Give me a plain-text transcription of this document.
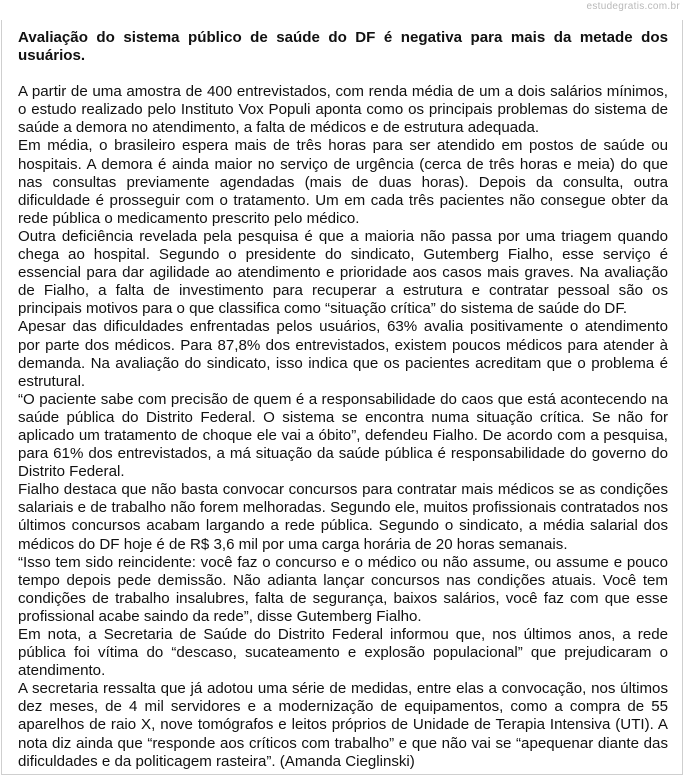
estudegratis.com.br

Avaliação do sistema público de saúde do DF é negativa para mais da metade dos usuários.

A partir de uma amostra de 400 entrevistados, com renda média de um a dois salários mínimos, o estudo realizado pelo Instituto Vox Populi aponta como os principais problemas do sistema de saúde a demora no atendimento, a falta de médicos e de estrutura adequada.

Em média, o brasileiro espera mais de três horas para ser atendido em postos de saúde ou hospitais. A demora é ainda maior no serviço de urgência (cerca de três horas e meia) do que nas consultas previamente agendadas (mais de duas horas). Depois da consulta, outra dificuldade é prosseguir com o tratamento. Um em cada três pacientes não consegue obter da rede pública o medicamento prescrito pelo médico.

Outra deficiência revelada pela pesquisa é que a maioria não passa por uma triagem quando chega ao hospital. Segundo o presidente do sindicato, Gutemberg Fialho, esse serviço é essencial para dar agilidade ao atendimento e prioridade aos casos mais graves. Na avaliação de Fialho, a falta de investimento para recuperar a estrutura e contratar pessoal são os principais motivos para o que classifica como “situação crítica” do sistema de saúde do DF.

Apesar das dificuldades enfrentadas pelos usuários, 63% avalia positivamente o atendimento por parte dos médicos. Para 87,8% dos entrevistados, existem poucos médicos para atender à demanda. Na avaliação do sindicato, isso indica que os pacientes acreditam que o problema é estrutural.

“O paciente sabe com precisão de quem é a responsabilidade do caos que está acontecendo na saúde pública do Distrito Federal. O sistema se encontra numa situação crítica. Se não for aplicado um tratamento de choque ele vai a óbito”, defendeu Fialho. De acordo com a pesquisa, para 61% dos entrevistados, a má situação da saúde pública é responsabilidade do governo do Distrito Federal.

Fialho destaca que não basta convocar concursos para contratar mais médicos se as condições salariais e de trabalho não forem melhoradas. Segundo ele, muitos profissionais contratados nos últimos concursos acabam largando a rede pública. Segundo o sindicato, a média salarial dos médicos do DF hoje é de R$ 3,6 mil por uma carga horária de 20 horas semanais.

“Isso tem sido reincidente: você faz o concurso e o médico ou não assume, ou assume e pouco tempo depois pede demissão. Não adianta lançar concursos nas condições atuais. Você tem condições de trabalho insalubres, falta de segurança, baixos salários, você faz com que esse profissional acabe saindo da rede”, disse Gutemberg Fialho.

Em nota, a Secretaria de Saúde do Distrito Federal informou que, nos últimos anos, a rede pública foi vítima do “descaso, sucateamento e explosão populacional” que prejudicaram o atendimento.

A secretaria ressalta que já adotou uma série de medidas, entre elas a convocação, nos últimos dez meses, de 4 mil servidores e a modernização de equipamentos, como a compra de 55 aparelhos de raio X, nove tomógrafos e leitos próprios de Unidade de Terapia Intensiva (UTI). A nota diz ainda que “responde aos críticos com trabalho” e que não vai se “apequenar diante das dificuldades e da politicagem rasteira”. (Amanda Cieglinski)
